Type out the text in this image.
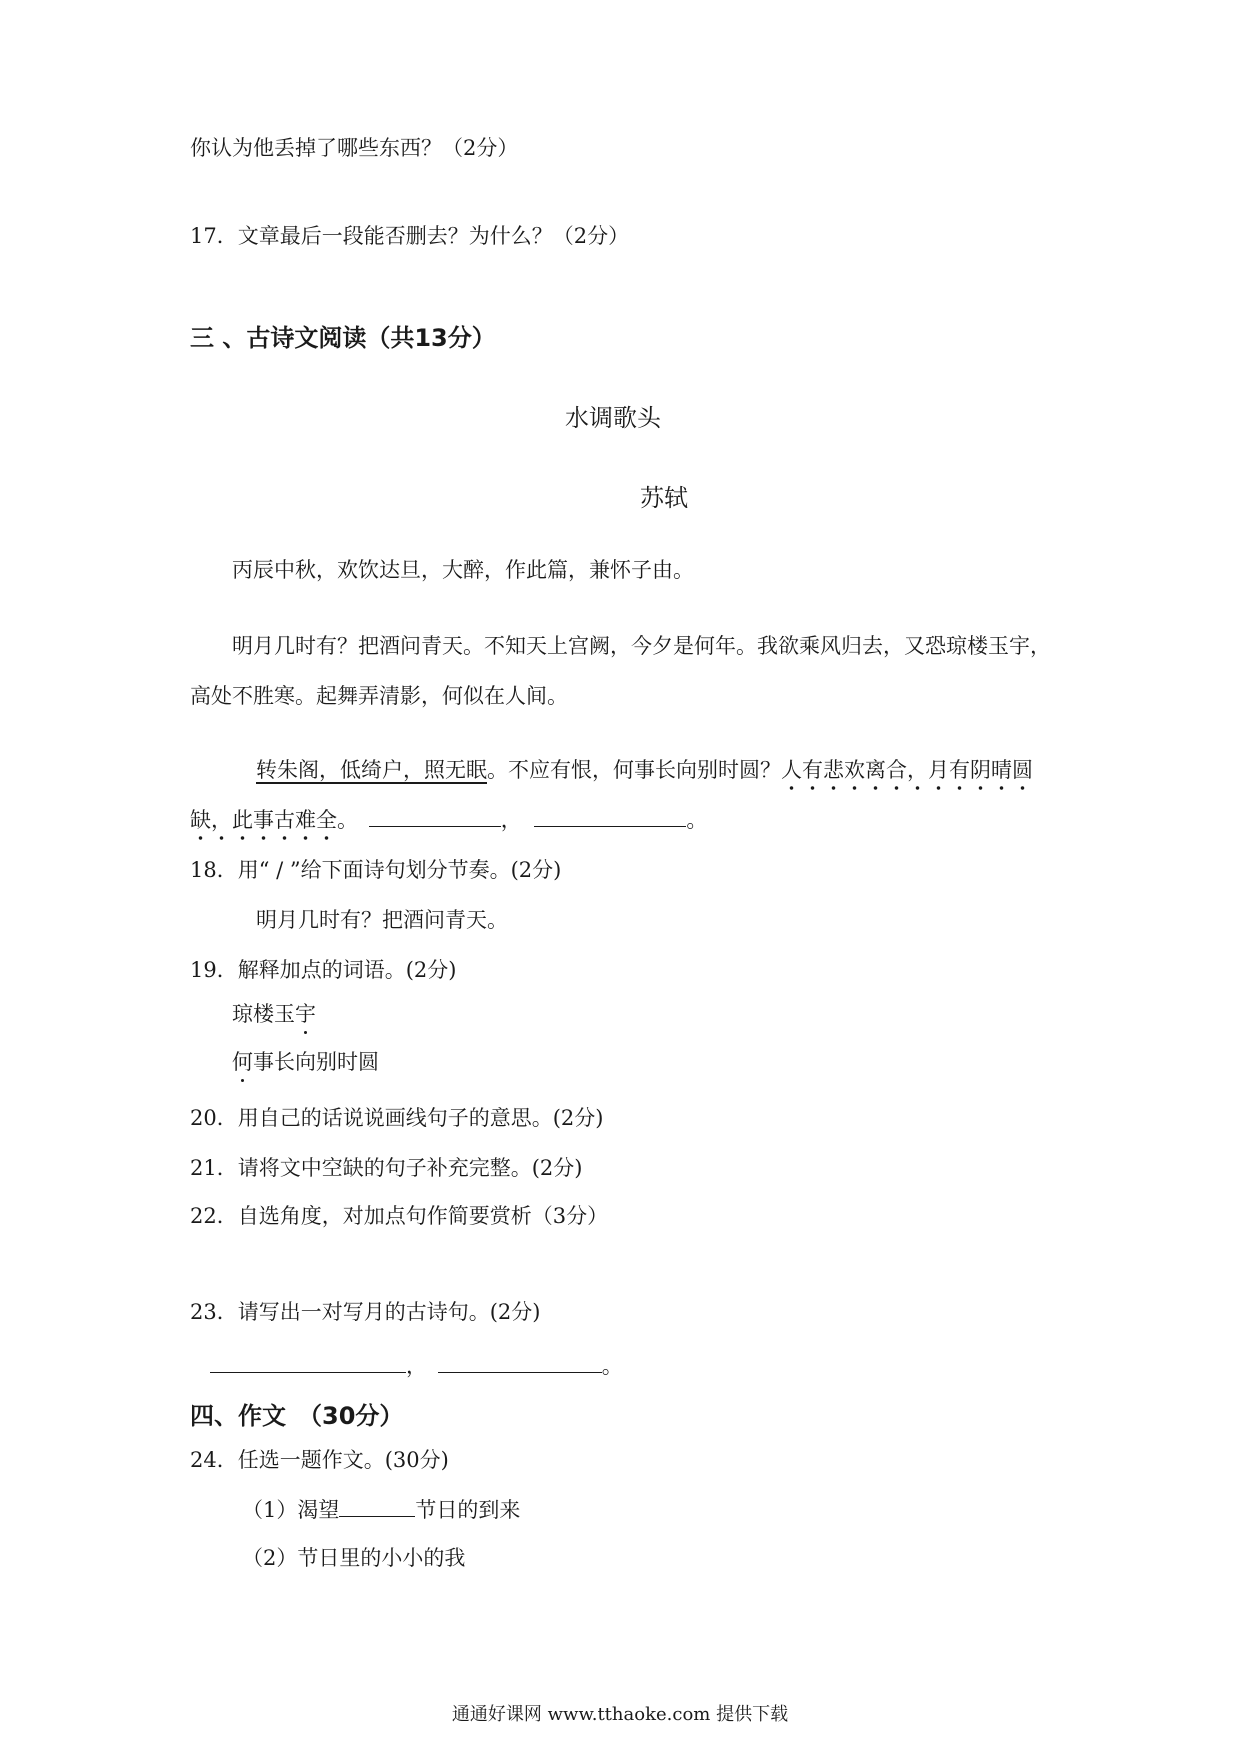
你认为他丢掉了哪些东西？（2分）
17．文章最后一段能否删去？为什么？（2分）
三 、古诗文阅读（共13分）
水调歌头
苏轼
丙辰中秋，欢饮达旦，大醉，作此篇，兼怀子由。
明月几时有？把酒问青天。不知天上宫阙，今夕是何年。我欲乘风归去，又恐琼楼玉宇，
高处不胜寒。起舞弄清影，何似在人间。
转朱阁，低绮户，照无眠。不应有恨，何事长向别时圆？人有悲欢离合，月有阴晴圆
缺，此事古难全。	，	。
18．用“ / ”给下面诗句划分节奏。(2分)
明月几时有？把酒问青天。
19．解释加点的词语。(2分)
琼楼玉宇
何事长向别时圆
20．用自己的话说说画线句子的意思。(2分)
21．请将文中空缺的句子补充完整。(2分)
22．自选角度，对加点句作简要赏析（3分）
23．请写出一对写月的古诗句。(2分)
，	。
四、作文　（30分）
24．任选一题作文。(30分)
（1）渴望	节日的到来
（2）节日里的小小的我
通通好课网 www.tthaoke.com 提供下载
